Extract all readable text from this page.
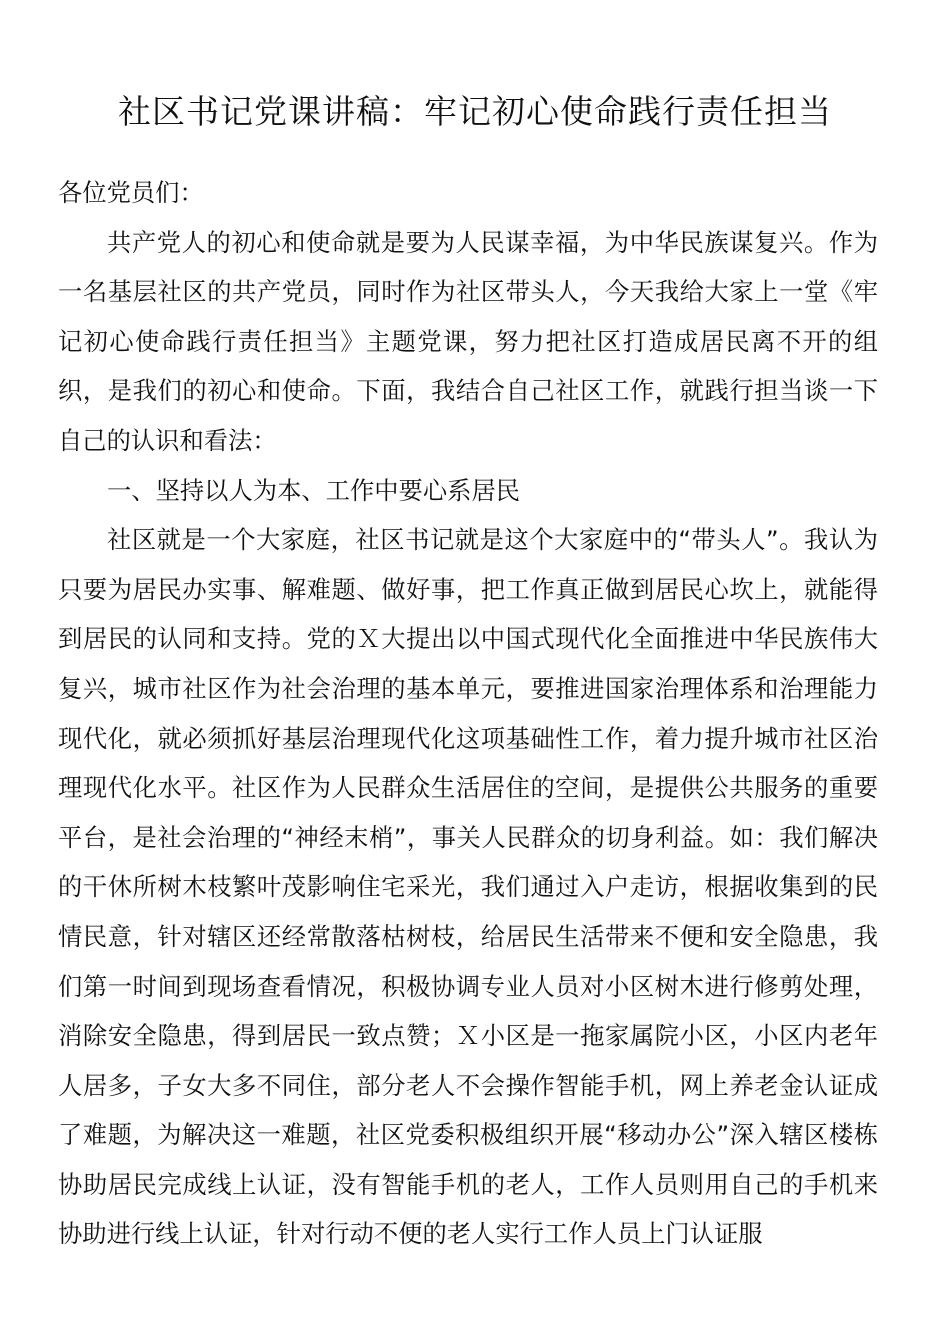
社区书记党课讲稿：牢记初心使命践行责任担当

各位党员们：

共产党人的初心和使命就是要为人民谋幸福，为中华民族谋复兴。作为一名基层社区的共产党员，同时作为社区带头人，今天我给大家上一堂《牢记初心使命践行责任担当》主题党课，努力把社区打造成居民离不开的组织，是我们的初心和使命。下面，我结合自己社区工作，就践行担当谈一下自己的认识和看法：

一、坚持以人为本、工作中要心系居民

社区就是一个大家庭，社区书记就是这个大家庭中的“带头人”。我认为只要为居民办实事、解难题、做好事，把工作真正做到居民心坎上，就能得到居民的认同和支持。党的Ｘ大提出以中国式现代化全面推进中华民族伟大复兴，城市社区作为社会治理的基本单元，要推进国家治理体系和治理能力现代化，就必须抓好基层治理现代化这项基础性工作，着力提升城市社区治理现代化水平。社区作为人民群众生活居住的空间，是提供公共服务的重要平台，是社会治理的“神经末梢”，事关人民群众的切身利益。如：我们解决的干休所树木枝繁叶茂影响住宅采光，我们通过入户走访，根据收集到的民情民意，针对辖区还经常散落枯树枝，给居民生活带来不便和安全隐患，我们第一时间到现场查看情况，积极协调专业人员对小区树木进行修剪处理，消除安全隐患，得到居民一致点赞；Ｘ小区是一拖家属院小区，小区内老年人居多，子女大多不同住，部分老人不会操作智能手机，网上养老金认证成了难题，为解决这一难题，社区党委积极组织开展“移动办公”深入辖区楼栋协助居民完成线上认证，没有智能手机的老人，工作人员则用自己的手机来协助进行线上认证，针对行动不便的老人实行工作人员上门认证服
